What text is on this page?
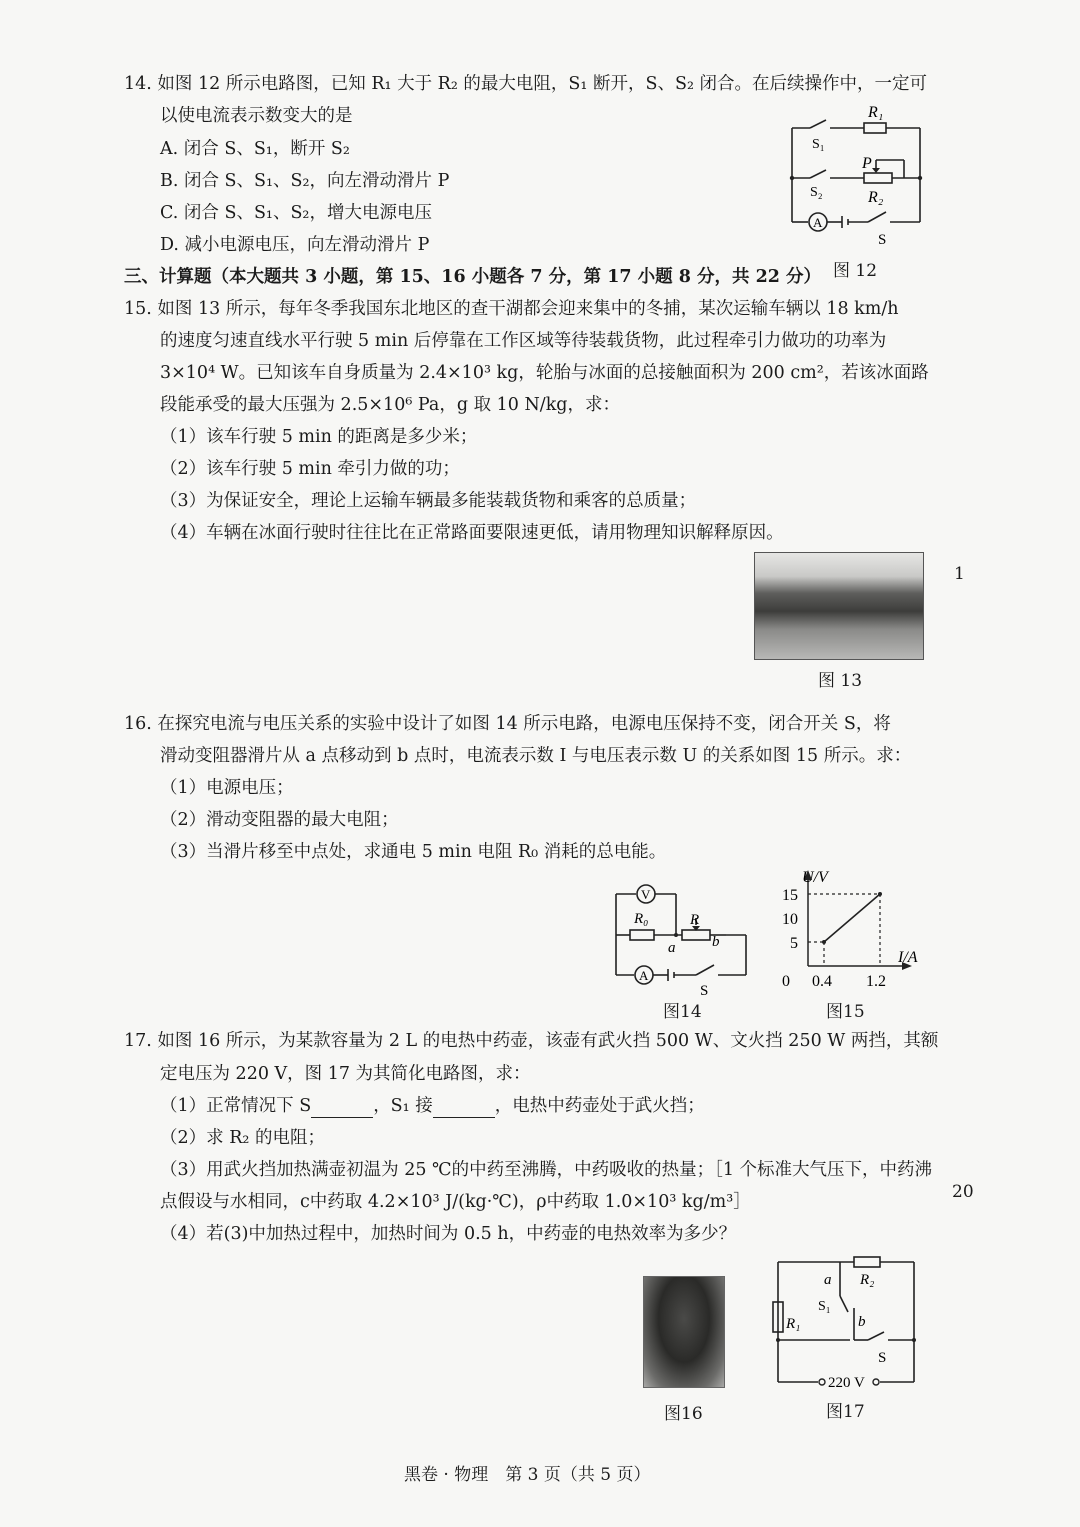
14. 如图 12 所示电路图，已知 R₁ 大于 R₂ 的最大电阻，S₁ 断开，S、S₂ 闭合。在后续操作中，一定可
以使电流表示数变大的是
A. 闭合 S、S₁，断开 S₂
B. 闭合 S、S₁、S₂，向左滑动滑片 P
C. 闭合 S、S₁、S₂，增大电源电压
D. 减小电源电压，向左滑动滑片 P
R₁
S₁
P
S₂	R₂
A
S
图 12
三、计算题（本大题共 3 小题，第 15、16 小题各 7 分，第 17 小题 8 分，共 22 分）
15. 如图 13 所示，每年冬季我国东北地区的查干湖都会迎来集中的冬捕，某次运输车辆以 18 km/h
的速度匀速直线水平行驶 5 min 后停靠在工作区域等待装载货物，此过程牵引力做功的功率为
3×10⁴ W。已知该车自身质量为 2.4×10³ kg，轮胎与冰面的总接触面积为 200 cm²，若该冰面路
段能承受的最大压强为 2.5×10⁶ Pa，g 取 10 N/kg，求：
（1）该车行驶 5 min 的距离是多少米；
（2）该车行驶 5 min 牵引力做的功；
（3）为保证安全，理论上运输车辆最多能装载货物和乘客的总质量；
（4）车辆在冰面行驶时往往比在正常路面要限速更低，请用物理知识解释原因。
图 13
1
16. 在探究电流与电压关系的实验中设计了如图 14 所示电路，电源电压保持不变，闭合开关 S，将
滑动变阻器滑片从 a 点移动到 b 点时，电流表示数 I 与电压表示数 U 的关系如图 15 所示。求：
（1）电源电压；
（2）滑动变阻器的最大电阻；
（3）当滑片移至中点处，求通电 5 min 电阻 R₀ 消耗的总电能。
V
R₀	R
a b
A
S
图14
U/V
I/A
15
10
5
0 0.4 1.2
图15
17. 如图 16 所示，为某款容量为 2 L 的电热中药壶，该壶有武火挡 500 W、文火挡 250 W 两挡，其额
定电压为 220 V，图 17 为其简化电路图，求：
（1）正常情况下 S	，S₁ 接	，电热中药壶处于武火挡；
（2）求 R₂ 的电阻；
（3）用武火挡加热满壶初温为 25 ℃的中药至沸腾，中药吸收的热量；［1 个标准大气压下，中药沸
点假设与水相同，c中药取 4.2×10³ J/(kg·℃)，ρ中药取 1.0×10³ kg/m³］
（4）若(3)中加热过程中，加热时间为 0.5 h，中药壶的电热效率为多少？
20
图16
a R₂
S₁
R₁	b
S
220 V
图17
黑卷 · 物理　第 3 页（共 5 页）
